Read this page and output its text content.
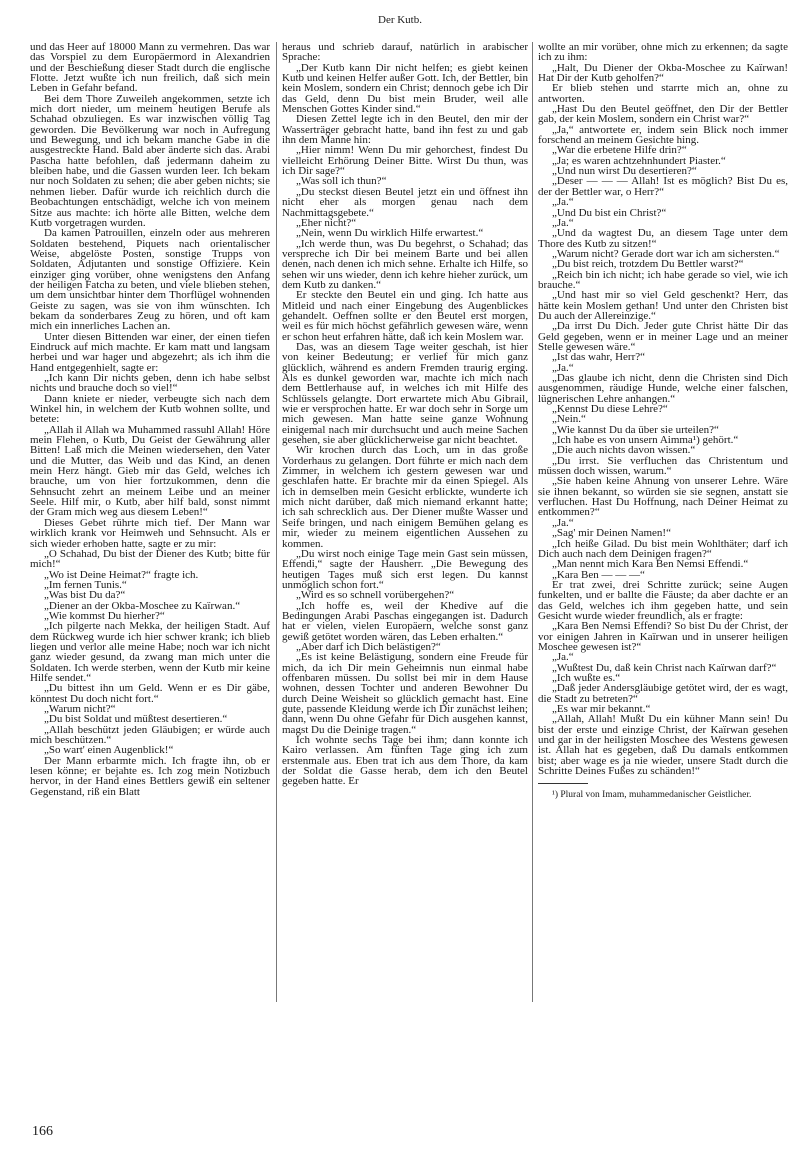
Der Kutb.

und das Heer auf 18000 Mann zu vermehren. Das war das Vorspiel zu dem Europäermord in Alexandrien und der Beschießung dieser Stadt durch die englische Flotte. Jetzt wußte ich nun freilich, daß sich mein Leben in Gefahr befand.

Bei dem Thore Zuweileh angekommen, setzte ich mich dort nieder, um meinem heutigen Berufe als Schahad obzuliegen. Es war inzwischen völlig Tag geworden. Die Bevölkerung war noch in Aufregung und Bewegung, und ich bekam manche Gabe in die ausgestreckte Hand. Bald aber änderte sich das. Arabi Pascha hatte befohlen, daß jedermann daheim zu bleiben habe, und die Gassen wurden leer. Ich bekam nur noch Soldaten zu sehen; die aber geben nichts; sie nehmen lieber. Dafür wurde ich reichlich durch die Beobachtungen entschädigt, welche ich von meinem Sitze aus machte: ich hörte alle Bitten, welche dem Kutb vorgetragen wurden.

Da kamen Patrouillen, einzeln oder aus mehreren Soldaten bestehend, Piquets nach orientalischer Weise, abgelöste Posten, sonstige Trupps von Soldaten, Adjutanten und sonstige Offiziere. Kein einziger ging vorüber, ohne wenigstens den Anfang der heiligen Fatcha zu beten, und viele blieben stehen, um dem unsichtbar hinter dem Thorflügel wohnenden Geiste zu sagen, was sie von ihm wünschten. Ich bekam da sonderbares Zeug zu hören, und oft kam mich ein innerliches Lachen an.

Unter diesen Bittenden war einer, der einen tiefen Eindruck auf mich machte. Er kam matt und langsam herbei und war hager und abgezehrt; als ich ihm die Hand entgegenhielt, sagte er:

„Ich kann Dir nichts geben, denn ich habe selbst nichts und brauche doch so viel!“

Dann kniete er nieder, verbeugte sich nach dem Winkel hin, in welchem der Kutb wohnen sollte, und betete:

„Allah il Allah wa Muhammed rassuhl Allah! Höre mein Flehen, o Kutb, Du Geist der Gewährung aller Bitten! Laß mich die Meinen wiedersehen, den Vater und die Mutter, das Weib und das Kind, an denen mein Herz hängt. Gieb mir das Geld, welches ich brauche, um von hier fortzukommen, denn die Sehnsucht zehrt an meinem Leibe und an meiner Seele. Hilf mir, o Kutb, aber hilf bald, sonst nimmt der Gram mich weg aus diesem Leben!“

Dieses Gebet rührte mich tief. Der Mann war wirklich krank vor Heimweh und Sehnsucht. Als er sich wieder erhoben hatte, sagte er zu mir:

„O Schahad, Du bist der Diener des Kutb; bitte für mich!“

„Wo ist Deine Heimat?“ fragte ich.

„Im fernen Tunis.“

„Was bist Du da?“

„Diener an der Okba-Moschee zu Kaïrwan.“

„Wie kommst Du hierher?“

„Ich pilgerte nach Mekka, der heiligen Stadt. Auf dem Rückweg wurde ich hier schwer krank; ich blieb liegen und verlor alle meine Habe; noch war ich nicht ganz wieder gesund, da zwang man mich unter die Soldaten. Ich werde sterben, wenn der Kutb mir keine Hilfe sendet.“

„Du bittest ihn um Geld. Wenn er es Dir gäbe, könntest Du doch nicht fort.“

„Warum nicht?“

„Du bist Soldat und müßtest desertieren.“

„Allah beschützt jeden Gläubigen; er würde auch mich beschützen.“

„So wart' einen Augenblick!“

Der Mann erbarmte mich. Ich fragte ihn, ob er lesen könne; er bejahte es. Ich zog mein Notizbuch hervor, in der Hand eines Bettlers gewiß ein seltener Gegenstand, riß ein Blatt

heraus und schrieb darauf, natürlich in arabischer Sprache:

„Der Kutb kann Dir nicht helfen; es giebt keinen Kutb und keinen Helfer außer Gott. Ich, der Bettler, bin kein Moslem, sondern ein Christ; dennoch gebe ich Dir das Geld, denn Du bist mein Bruder, weil alle Menschen Gottes Kinder sind.“

Diesen Zettel legte ich in den Beutel, den mir der Wasserträger gebracht hatte, band ihn fest zu und gab ihn dem Manne hin:

„Hier nimm! Wenn Du mir gehorchest, findest Du vielleicht Erhörung Deiner Bitte. Wirst Du thun, was ich Dir sage?“

„Was soll ich thun?“

„Du steckst diesen Beutel jetzt ein und öffnest ihn nicht eher als morgen genau nach dem Nachmittagsgebete.“

„Eher nicht?“

„Nein, wenn Du wirklich Hilfe erwartest.“

„Ich werde thun, was Du begehrst, o Schahad; das verspreche ich Dir bei meinem Barte und bei allen denen, nach denen ich mich sehne. Erhalte ich Hilfe, so sehen wir uns wieder, denn ich kehre hieher zurück, um dem Kutb zu danken.“

Er steckte den Beutel ein und ging. Ich hatte aus Mitleid und nach einer Eingebung des Augenblickes gehandelt. Oeffnen sollte er den Beutel erst morgen, weil es für mich höchst gefährlich gewesen wäre, wenn er schon heut erfahren hätte, daß ich kein Moslem war.

Das, was an diesem Tage weiter geschah, ist hier von keiner Bedeutung; er verlief für mich ganz glücklich, während es andern Fremden traurig erging. Als es dunkel geworden war, machte ich mich nach dem Bettlerhause auf, in welches ich mit Hilfe des Schlüssels gelangte. Dort erwartete mich Abu Gibrail, wie er versprochen hatte. Er war doch sehr in Sorge um mich gewesen. Man hatte seine ganze Wohnung einigemal nach mir durchsucht und auch meine Sachen gesehen, sie aber glücklicherweise gar nicht beachtet.

Wir krochen durch das Loch, um in das große Vorderhaus zu gelangen. Dort führte er mich nach dem Zimmer, in welchem ich gestern gewesen war und geschlafen hatte. Er brachte mir da einen Spiegel. Als ich in demselben mein Gesicht erblickte, wunderte ich mich nicht darüber, daß mich niemand erkannt hatte; ich sah schrecklich aus. Der Diener mußte Wasser und Seife bringen, und nach einigem Bemühen gelang es mir, wieder zu meinem eigentlichen Aussehen zu kommen.

„Du wirst noch einige Tage mein Gast sein müssen, Effendi,“ sagte der Hausherr. „Die Bewegung des heutigen Tages muß sich erst legen. Du kannst unmöglich schon fort.“

„Wird es so schnell vorübergehen?“

„Ich hoffe es, weil der Khedive auf die Bedingungen Arabi Paschas eingegangen ist. Dadurch hat er vielen, vielen Europäern, welche sonst ganz gewiß getötet worden wären, das Leben erhalten.“

„Aber darf ich Dich belästigen?“

„Es ist keine Belästigung, sondern eine Freude für mich, da ich Dir mein Geheimnis nun einmal habe offenbaren müssen. Du sollst bei mir in dem Hause wohnen, dessen Tochter und anderen Bewohner Du durch Deine Weisheit so glücklich gemacht hast. Eine gute, passende Kleidung werde ich Dir zunächst leihen; dann, wenn Du ohne Gefahr für Dich ausgehen kannst, magst Du die Deinige tragen.“

Ich wohnte sechs Tage bei ihm; dann konnte ich Kairo verlassen. Am fünften Tage ging ich zum erstenmale aus. Eben trat ich aus dem Thore, da kam der Soldat die Gasse herab, dem ich den Beutel gegeben hatte. Er

wollte an mir vorüber, ohne mich zu erkennen; da sagte ich zu ihm:

„Halt, Du Diener der Okba-Moschee zu Kaïrwan! Hat Dir der Kutb geholfen?“

Er blieb stehen und starrte mich an, ohne zu antworten.

„Hast Du den Beutel geöffnet, den Dir der Bettler gab, der kein Moslem, sondern ein Christ war?“

„Ja,“ antwortete er, indem sein Blick noch immer forschend an meinem Gesichte hing.

„War die erbetene Hilfe drin?“

„Ja; es waren achtzehnhundert Piaster.“

„Und nun wirst Du desertieren?“

„Deser — — — Allah! Ist es möglich? Bist Du es, der der Bettler war, o Herr?“

„Ja.“

„Und Du bist ein Christ?“

„Ja.“

„Und da wagtest Du, an diesem Tage unter dem Thore des Kutb zu sitzen!“

„Warum nicht? Gerade dort war ich am sichersten.“

„Du bist reich, trotzdem Du Bettler warst?“

„Reich bin ich nicht; ich habe gerade so viel, wie ich brauche.“

„Und hast mir so viel Geld geschenkt? Herr, das hätte kein Moslem gethan! Und unter den Christen bist Du auch der Allereinzige.“

„Da irrst Du Dich. Jeder gute Christ hätte Dir das Geld gegeben, wenn er in meiner Lage und an meiner Stelle gewesen wäre.“

„Ist das wahr, Herr?“

„Ja.“

„Das glaube ich nicht, denn die Christen sind Dich ausgenommen, räudige Hunde, welche einer falschen, lügnerischen Lehre anhangen.“

„Kennst Du diese Lehre?“

„Nein.“

„Wie kannst Du da über sie urteilen?“

„Ich habe es von unsern Aimma¹) gehört.“

„Die auch nichts davon wissen.“

„Du irrst. Sie verfluchen das Christentum und müssen doch wissen, warum.“

„Sie haben keine Ahnung von unserer Lehre. Wäre sie ihnen bekannt, so würden sie sie segnen, anstatt sie verfluchen. Hast Du Hoffnung, nach Deiner Heimat zu entkommen?“

„Ja.“

„Sag' mir Deinen Namen!“

„Ich heiße Gilad. Du bist mein Wohlthäter; darf ich Dich auch nach dem Deinigen fragen?“

„Man nennt mich Kara Ben Nemsi Effendi.“

„Kara Ben — — —“

Er trat zwei, drei Schritte zurück; seine Augen funkelten, und er ballte die Fäuste; da aber dachte er an das Geld, welches ich ihm gegeben hatte, und sein Gesicht wurde wieder freundlich, als er fragte:

„Kara Ben Nemsi Effendi? So bist Du der Christ, der vor einigen Jahren in Kaïrwan und in unserer heiligen Moschee gewesen ist?“

„Ja.“

„Wußtest Du, daß kein Christ nach Kaïrwan darf?“

„Ich wußte es.“

„Daß jeder Andersgläubige getötet wird, der es wagt, die Stadt zu betreten?“

„Es war mir bekannt.“

„Allah, Allah! Mußt Du ein kühner Mann sein! Du bist der erste und einzige Christ, der Kaïrwan gesehen und gar in der heiligsten Moschee des Westens gewesen ist. Allah hat es gegeben, daß Du damals entkommen bist; aber wage es ja nie wieder, unsere Stadt durch die Schritte Deines Fußes zu schänden!“

¹) Plural von Imam, muhammedanischer Geistlicher.

166
